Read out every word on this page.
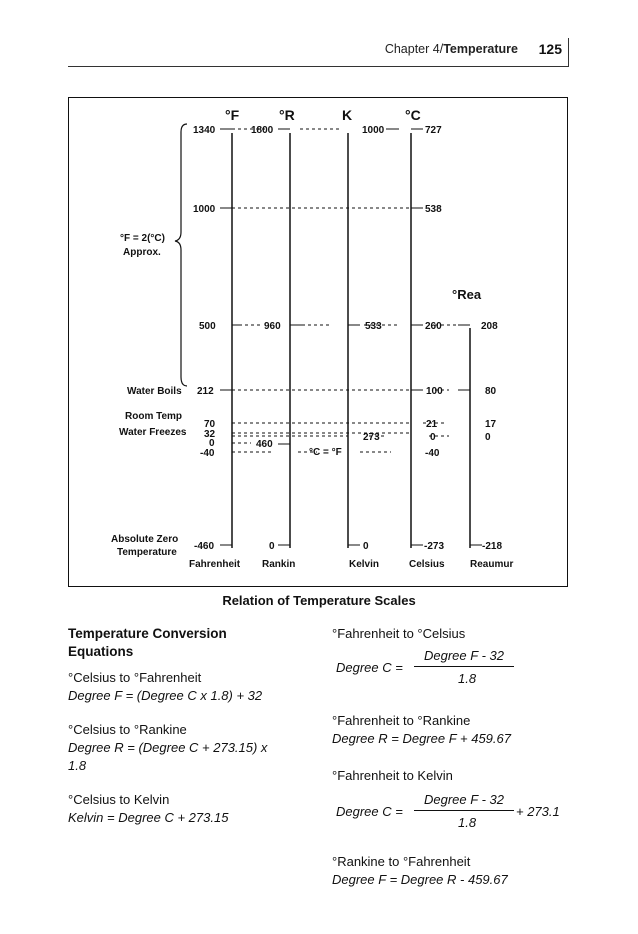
Chapter 4/Temperature 125
°F	°R	K	°C
°Rea
°F = 2(°C)
Approx.
Water Boils
Room Temp
Water Freezes
Absolute Zero
Temperature
°C = °F
1340	1800	1000	727
1000	538
500	960	533	260	208
212	100	80
70	21	17
32	273	0	0
0	460
-40	-40
-460	0	0	-273	-218
Fahrenheit Rankin	Kelvin	Celsius	Reaumur
Relation of Temperature Scales
Temperature Conversion
Equations
°Celsius to °Fahrenheit
Degree F = (Degree C x 1.8) + 32
°Celsius to °Rankine
Degree R = (Degree C + 273.15) x
1.8
°Celsius to Kelvin
Kelvin = Degree C + 273.15
°Fahrenheit to °Celsius
Degree C =
Degree F - 32
1.8
°Fahrenheit to °Rankine
Degree R = Degree F + 459.67
°Fahrenheit to Kelvin
Degree C =
Degree F - 32
1.8
+ 273.1
°Rankine to °Fahrenheit
Degree F = Degree R - 459.67
